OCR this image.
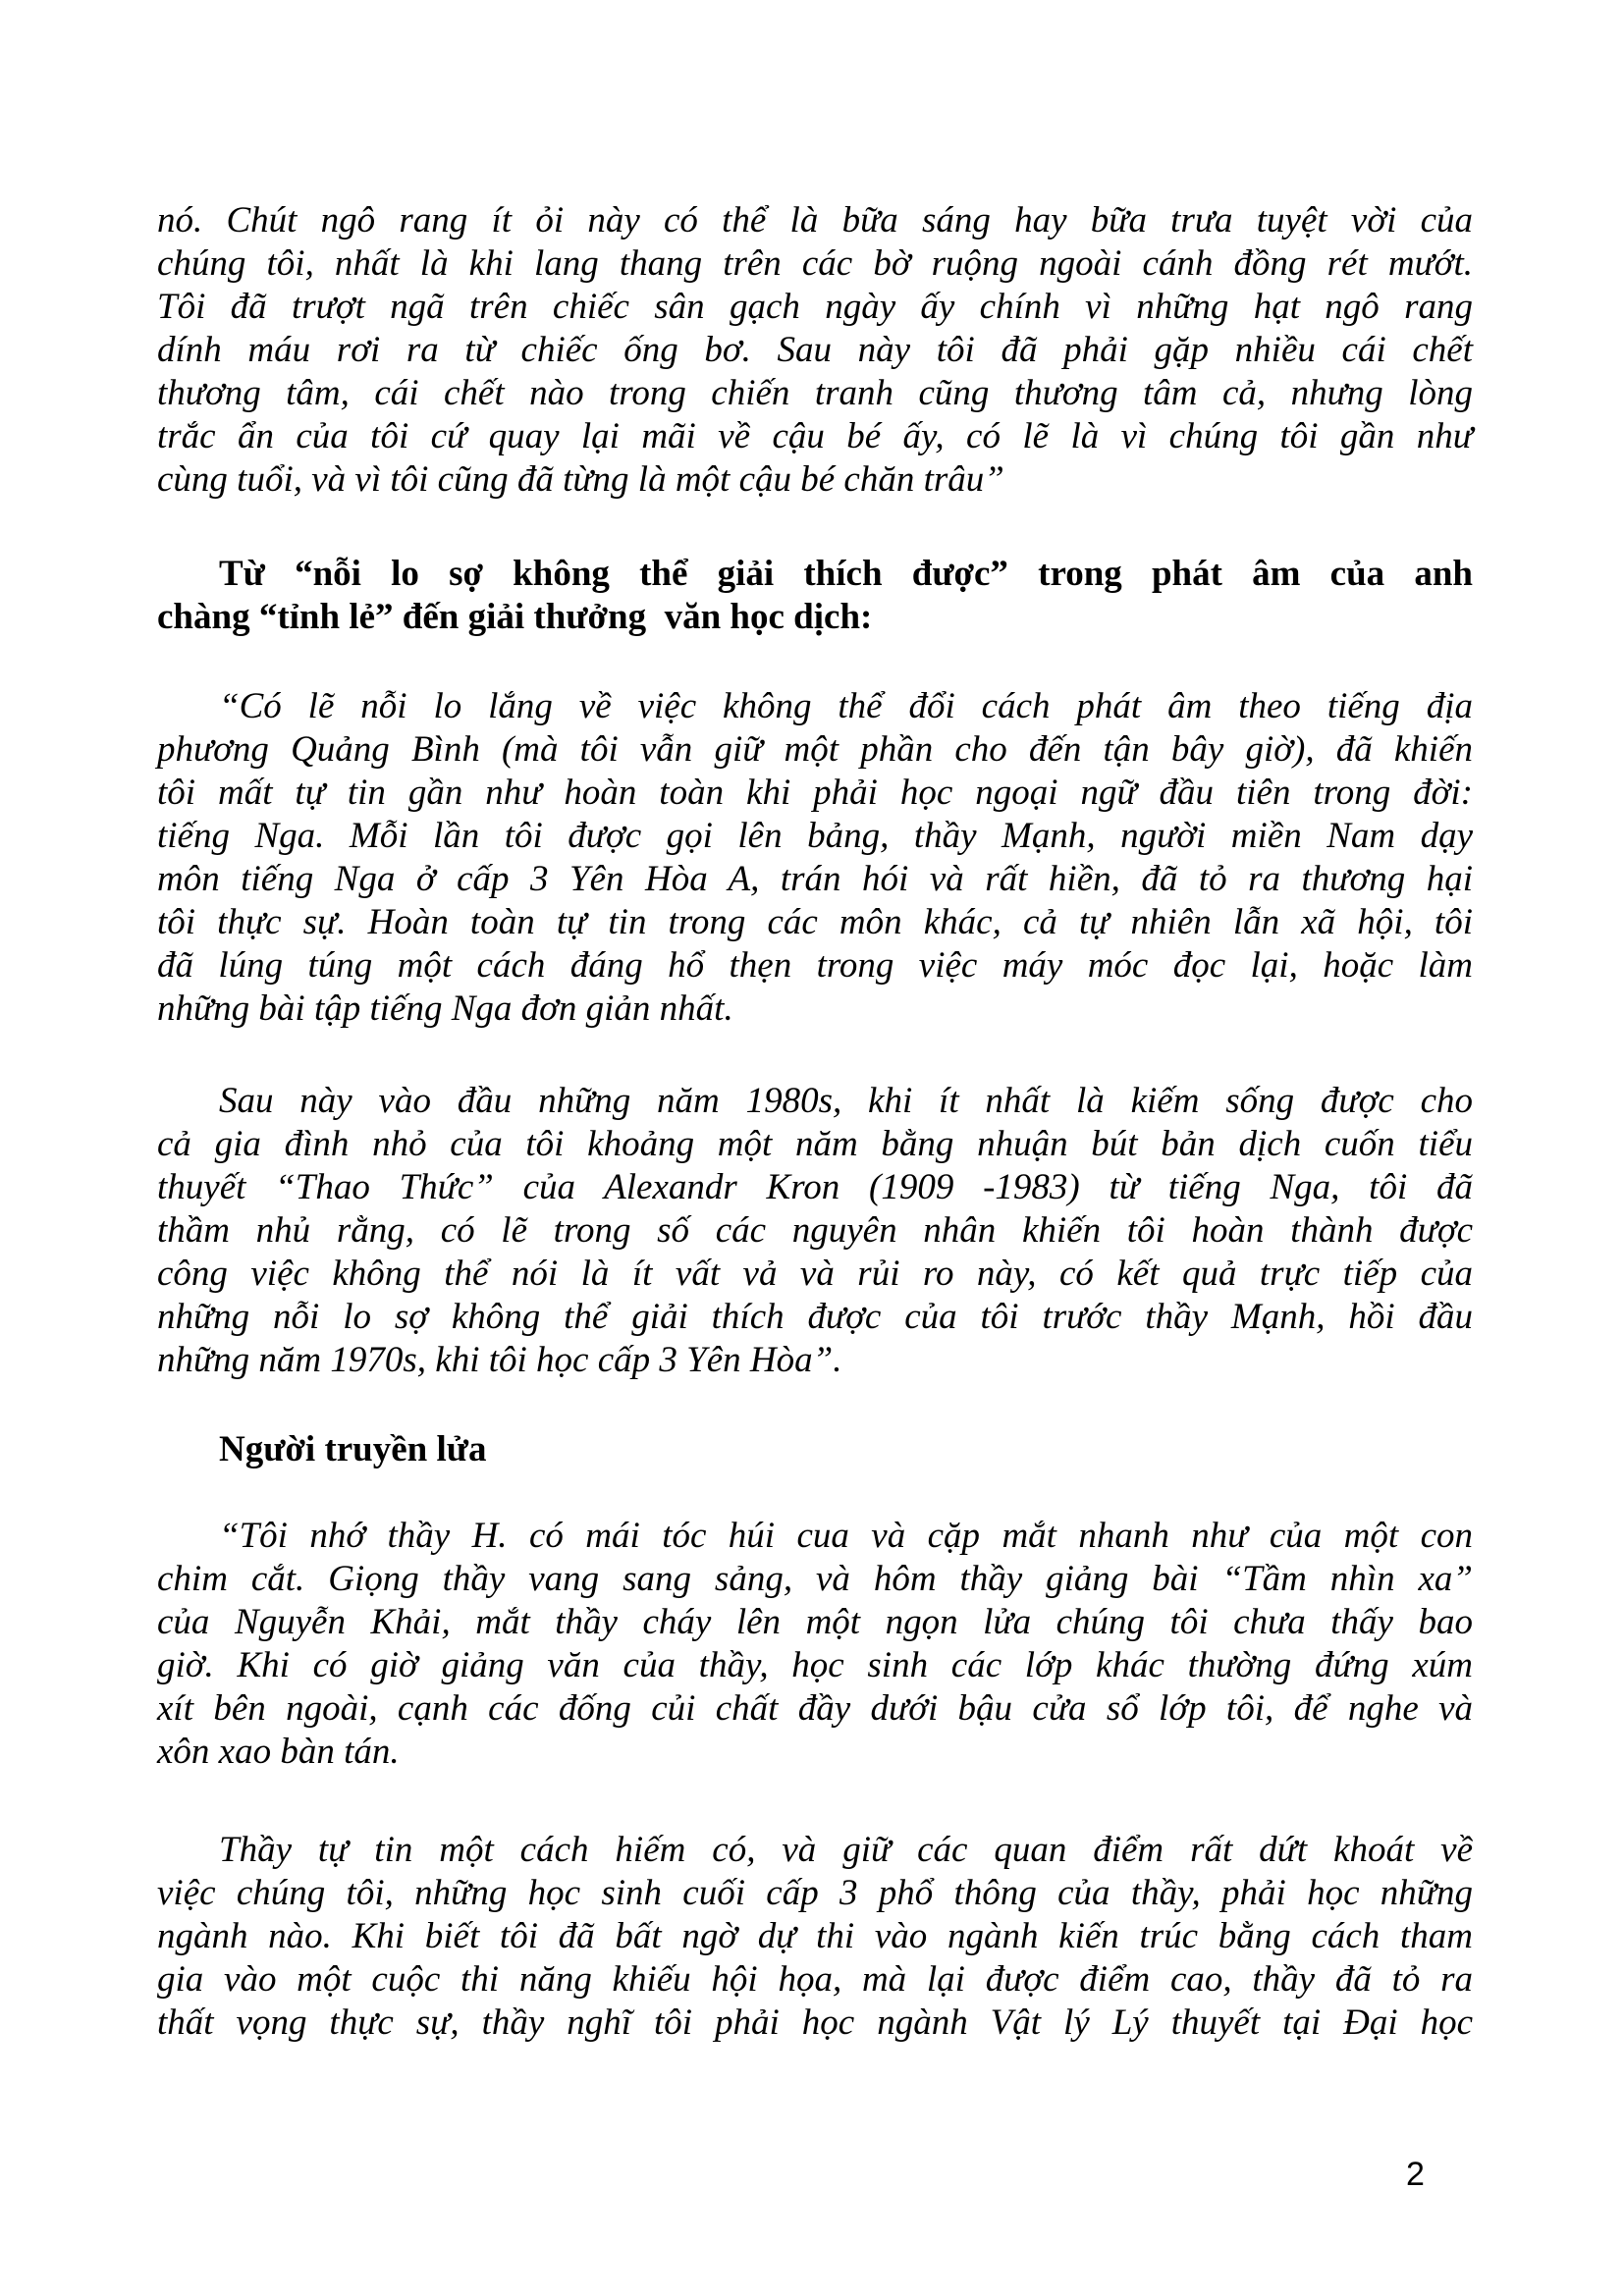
nó. Chút ngô rang ít ỏi này có thể là bữa sáng hay bữa trưa tuyệt vời của
chúng tôi, nhất là khi lang thang trên các bờ ruộng ngoài cánh đồng rét mướt.
Tôi đã trượt ngã trên chiếc sân gạch ngày ấy chính vì những hạt ngô rang
dính máu rơi ra từ chiếc ống bơ. Sau này tôi đã phải gặp nhiều cái chết
thương tâm, cái chết nào trong chiến tranh cũng thương tâm cả, nhưng lòng
trắc ẩn của tôi cứ quay lại mãi về cậu bé ấy, có lẽ là vì chúng tôi gần như
cùng tuổi, và vì tôi cũng đã từng là một cậu bé chăn trâu”
Từ “nỗi lo sợ không thể giải thích được” trong phát âm của anh
chàng “tỉnh lẻ” đến giải thưởng  văn học dịch:
“Có lẽ nỗi lo lắng về việc không thể đổi cách phát âm theo tiếng địa
phương Quảng Bình (mà tôi vẫn giữ một phần cho đến tận bây giờ), đã khiến
tôi mất tự tin gần như hoàn toàn khi phải học ngoại ngữ đầu tiên trong đời:
tiếng Nga. Mỗi lần tôi được gọi lên bảng, thầy Mạnh, người miền Nam dạy
môn tiếng Nga ở cấp 3 Yên Hòa A, trán hói và rất hiền, đã tỏ ra thương hại
tôi thực sự. Hoàn toàn tự tin trong các môn khác, cả tự nhiên lẫn xã hội, tôi
đã lúng túng một cách đáng hổ thẹn trong việc máy móc đọc lại, hoặc làm
những bài tập tiếng Nga đơn giản nhất.
Sau này vào đầu những năm 1980s, khi ít nhất là kiếm sống được cho
cả gia đình nhỏ của tôi khoảng một năm bằng nhuận bút bản dịch cuốn tiểu
thuyết “Thao Thức” của Alexandr Kron (1909 -1983) từ tiếng Nga, tôi đã
thầm nhủ rằng, có lẽ trong số các nguyên nhân khiến tôi hoàn thành được
công việc không thể nói là ít vất vả và rủi ro này, có kết quả trực tiếp của
những nỗi lo sợ không thể giải thích được của tôi trước thầy Mạnh, hồi đầu
những năm 1970s, khi tôi học cấp 3 Yên Hòa”.
Người truyền lửa
“Tôi nhớ thầy H. có mái tóc húi cua và cặp mắt nhanh như của một con
chim cắt. Giọng thầy vang sang sảng, và hôm thầy giảng bài “Tầm nhìn xa”
của Nguyễn Khải, mắt thầy cháy lên một ngọn lửa chúng tôi chưa thấy bao
giờ. Khi có giờ giảng văn của thầy, học sinh các lớp khác thường đứng xúm
xít bên ngoài, cạnh các đống củi chất đầy dưới bậu cửa sổ lớp tôi, để nghe và
xôn xao bàn tán.
Thầy tự tin một cách hiếm có, và giữ các quan điểm rất dứt khoát về
việc chúng tôi, những học sinh cuối cấp 3 phổ thông của thầy, phải học những
ngành nào. Khi biết tôi đã bất ngờ dự thi vào ngành kiến trúc bằng cách tham
gia vào một cuộc thi năng khiếu hội họa, mà lại được điểm cao, thầy đã tỏ ra
thất vọng thực sự, thầy nghĩ tôi phải học ngành Vật lý Lý thuyết tại Đại học
2
